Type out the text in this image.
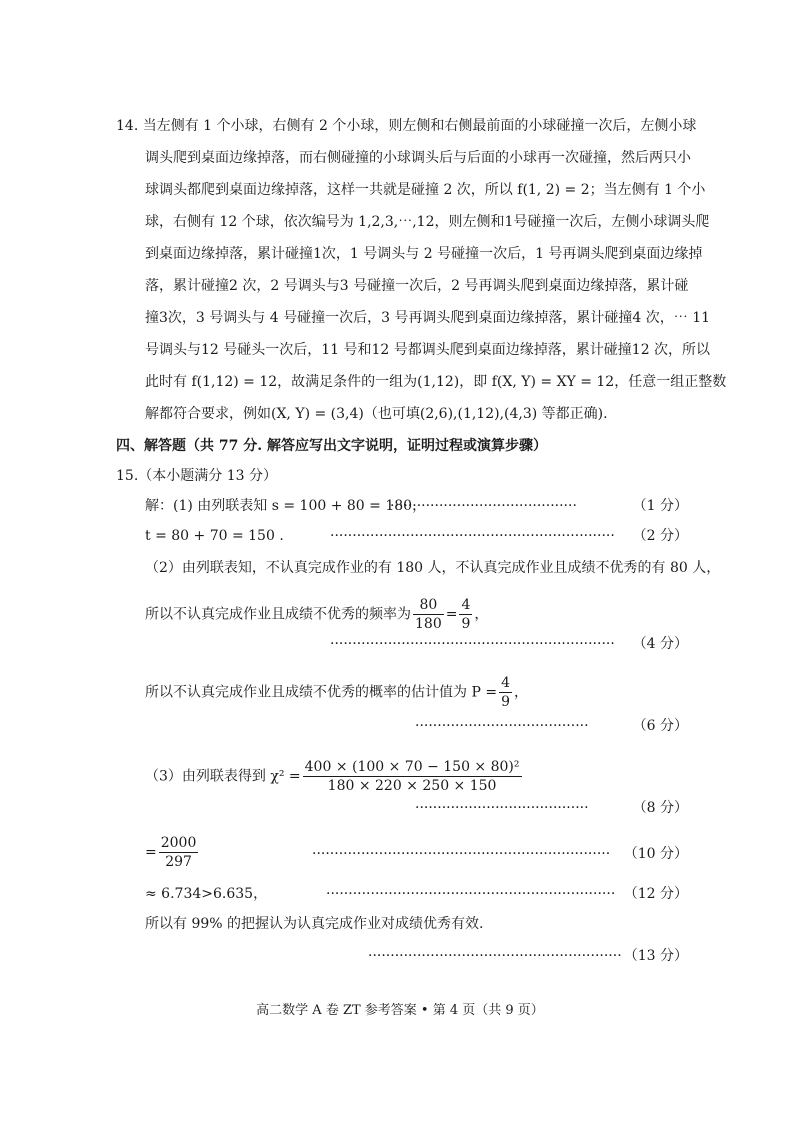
14. 当左侧有 1 个小球，右侧有 2 个小球，则左侧和右侧最前面的小球碰撞一次后，左侧小球
调头爬到桌面边缘掉落，而右侧碰撞的小球调头后与后面的小球再一次碰撞，然后两只小
球调头都爬到桌面边缘掉落，这样一共就是碰撞 2 次，所以 f(1, 2) = 2；当左侧有 1 个小
球，右侧有 12 个球，依次编号为 1,2,3,⋯,12，则左侧和1号碰撞一次后，左侧小球调头爬
到桌面边缘掉落，累计碰撞1次，1 号调头与 2 号碰撞一次后，1 号再调头爬到桌面边缘掉
落，累计碰撞2 次，2 号调头与3 号碰撞一次后，2 号再调头爬到桌面边缘掉落，累计碰
撞3次，3 号调头与 4 号碰撞一次后，3 号再调头爬到桌面边缘掉落，累计碰撞4 次，⋯ 11
号调头与12 号碰头一次后，11 号和12 号都调头爬到桌面边缘掉落，累计碰撞12 次，所以
此时有 f(1,12) = 12，故满足条件的一组为(1,12)，即 f(X, Y) = XY = 12，任意一组正整数
解都符合要求，例如(X, Y) = (3,4)（也可填(2,6),(1,12),(4,3) 等都正确).
四、解答题（共 77 分. 解答应写出文字说明，证明过程或演算步骤）
15.（本小题满分 13 分）
解：(1) 由列联表知 s = 100 + 80 = 180，
··········································	（1 分）
t = 80 + 70 = 150 .	································································ （2 分）
（2）由列联表知，不认真完成作业的有 180 人，不认真完成作业且成绩不优秀的有 80 人，
所以不认真完成作业且成绩不优秀的频率为 $\frac{80}{180} = \frac{4}{9}$ ，
································································ （4 分）
所以不认真完成作业且成绩不优秀的概率的估计值为 $P = \frac{4}{9}$ ，
·······································	（6 分）
（3）由列联表得到 $\chi^2 = \frac{\text{400 × (100 × 70 − 150 × 80)²}}{180 \times 220 \times 250 \times 150}$
·······································	（8 分）
= $\frac{2000}{297}$	··································································· （10 分）
≈ 6.734>6.635，	································································· （12 分）
所以有 99% 的把握认为认真完成作业对成绩优秀有效.
························································· （13 分）
高二数学 A 卷 ZT 参考答案 • 第 4 页（共 9 页）
